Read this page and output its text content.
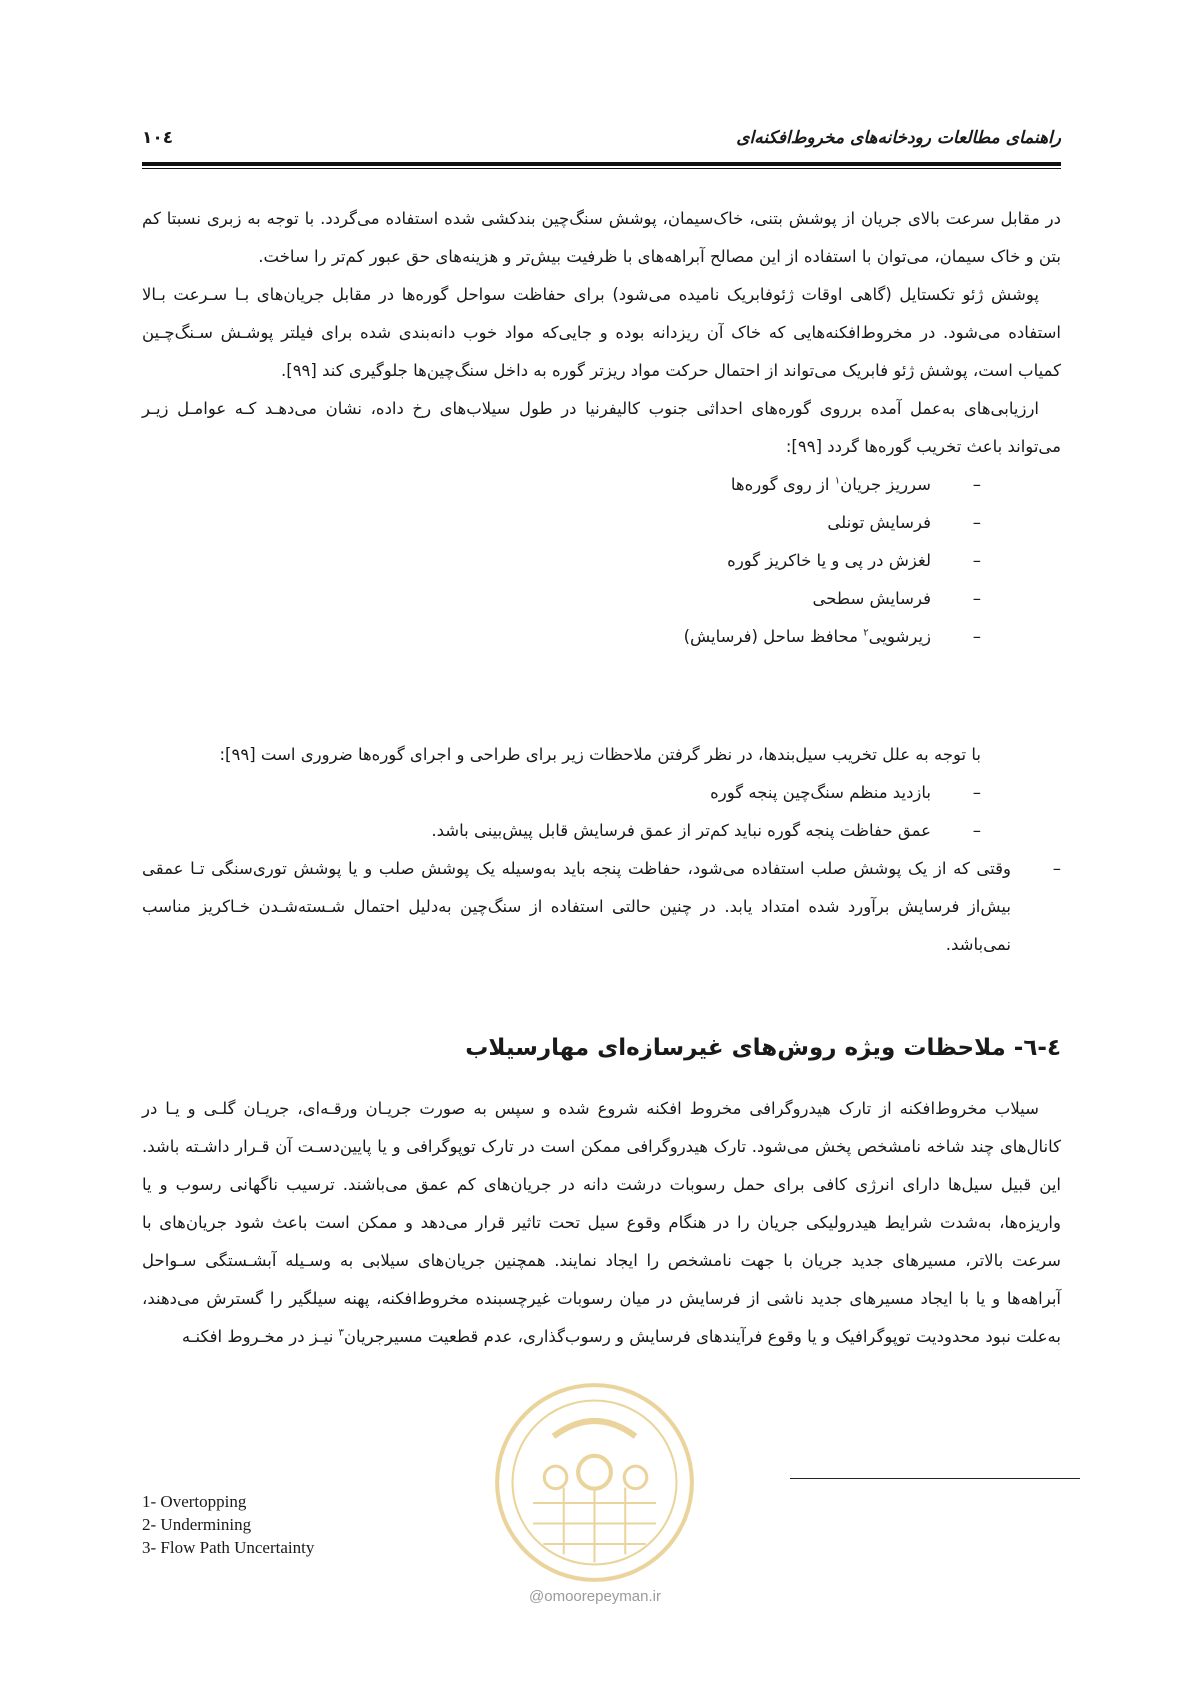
راهنمای مطالعات رودخانه‌های مخروط‌افکنه‌ای
۱۰٤
در مقابل سرعت بالای جریان از پوشش بتنی، خاک‌سیمان، پوشش سنگ‌چین بندکشی شده استفاده می‌گردد. با توجه به زبری نسبتا کم بتن و خاک سیمان، می‌توان با استفاده از این مصالح آبراهه‌های با ظرفیت بیش‌تر و هزینه‌های حق عبور کم‌تر را ساخت.
پوشش ژئو تکستایل (گاهی اوقات ژئوفابریک نامیده می‌شود) برای حفاظت سواحل گوره‌ها در مقابل جریان‌های بـا سـرعت بـالا استفاده می‌شود. در مخروط‌افکنه‌هایی که خاک آن ریزدانه بوده و جایی‌که مواد خوب دانه‌بندی شده برای فیلتر پوشـش سـنگ‌چـین کمیاب است، پوشش ژئو فابریک می‌تواند از احتمال حرکت مواد ریزتر گوره به داخل سنگ‌چین‌ها جلوگیری کند [۹۹].
ارزیابی‌های به‌عمل آمده برروی گوره‌های احداثی جنوب کالیفرنیا در طول سیلاب‌های رخ داده، نشان می‌دهـد کـه عوامـل زیـر می‌تواند باعث تخریب گوره‌ها گردد [۹۹]:
–
سرریز جریان$^۱$ از روی گوره‌ها
–
فرسایش تونلی
–
لغزش در پی و یا خاکریز گوره
–
فرسایش سطحی
–
زیرشویی$^۲$ محافظ ساحل (فرسایش)
با توجه به علل تخریب سیل‌بندها، در نظر گرفتن ملاحظات زیر برای طراحی و اجرای گوره‌ها ضروری است [۹۹]:
–
بازدید منظم سنگ‌چین پنجه گوره
–
عمق حفاظت پنجه گوره نباید کم‌تر از عمق فرسایش قابل پیش‌بینی باشد.
–
وقتی که از یک پوشش صلب استفاده می‌شود، حفاظت پنجه باید به‌وسیله یک پوشش صلب و یا پوشش توری‌سنگی تـا عمقی بیش‌از فرسایش برآورد شده امتداد یابد. در چنین حالتی استفاده از سنگ‌چین به‌دلیل احتمال شـسته‌شـدن خـاکریز مناسب نمی‌باشد.
٤-٦- ملاحظات ویژه روش‌های غیرسازه‌ای مهارسیلاب
سیلاب مخروط‌افکنه از تارک هیدروگرافی مخروط افکنه شروع شده و سپس به صورت جریـان ورقـه‌ای، جریـان گلـی و یـا در کانال‌های چند شاخه نامشخص پخش می‌شود. تارک هیدروگرافی ممکن است در تارک توپوگرافی و یا پایین‌دسـت آن قـرار داشـته باشد. این قبیل سیل‌ها دارای انرژی کافی برای حمل رسوبات درشت دانه در جریان‌های کم عمق می‌باشند. ترسیب ناگهانی رسوب و یا واریزه‌ها، به‌شدت شرایط هیدرولیکی جریان را در هنگام وقوع سیل تحت تاثیر قرار می‌دهد و ممکن است باعث شود جریان‌های با سرعت بالاتر، مسیرهای جدید جریان با جهت نامشخص را ایجاد نمایند. همچنین جریان‌های سیلابی به وسـیله آبشـستگی سـواحل آبراهه‌ها و یا با ایجاد مسیرهای جدید ناشی از فرسایش در میان رسوبات غیرچسبنده مخروط‌افکنه، پهنه سیلگیر را گسترش می‌دهند، به‌علت نبود محدودیت توپوگرافیک و یا وقوع فرآیندهای فرسایش و رسوب‌گذاری، عدم قطعیت مسیرجریان$^۳$ نیـز در مخـروط افکنـه
@omoorepeyman.ir
1- Overtopping
2- Undermining
3- Flow Path Uncertainty
